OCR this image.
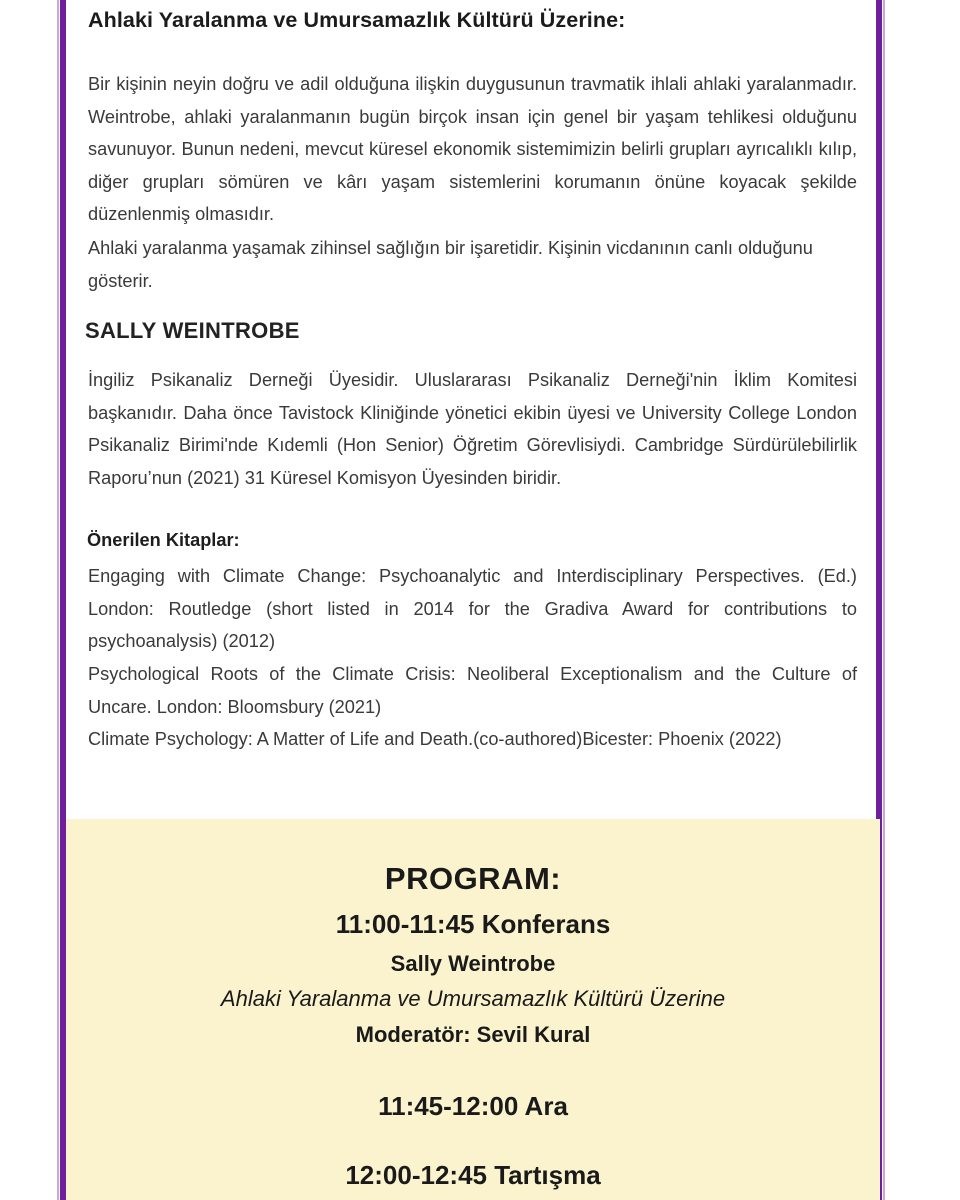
Ahlaki Yaralanma ve Umursamazlık Kültürü Üzerine:

Bir kişinin neyin doğru ve adil olduğuna ilişkin duygusunun travmatik ihlali ahlaki yaralanmadır. Weintrobe, ahlaki yaralanmanın bugün birçok insan için genel bir yaşam tehlikesi olduğunu savunuyor. Bunun nedeni, mevcut küresel ekonomik sistemimizin belirli grupları ayrıcalıklı kılıp, diğer grupları sömüren ve kârı yaşam sistemlerini korumanın önüne koyacak şekilde düzenlenmiş olmasıdır.

Ahlaki yaralanma yaşamak zihinsel sağlığın bir işaretidir. Kişinin vicdanının canlı olduğunu gösterir.

SALLY WEINTROBE

İngiliz Psikanaliz Derneği Üyesidir. Uluslararası Psikanaliz Derneği'nin İklim Komitesi başkanıdır. Daha önce Tavistock Kliniğinde yönetici ekibin üyesi ve University College London Psikanaliz Birimi'nde Kıdemli (Hon Senior) Öğretim Görevlisiydi. Cambridge Sürdürülebilirlik Raporu’nun (2021) 31 Küresel Komisyon Üyesinden biridir.

Önerilen Kitaplar:

Engaging with Climate Change: Psychoanalytic and Interdisciplinary Perspectives. (Ed.) London: Routledge (short listed in 2014 for the Gradiva Award for contributions to psychoanalysis) (2012)

Psychological Roots of the Climate Crisis: Neoliberal Exceptionalism and the Culture of Uncare. London: Bloomsbury (2021)

Climate Psychology: A Matter of Life and Death.(co-authored)Bicester: Phoenix (2022)

PROGRAM:
11:00-11:45 Konferans
Sally Weintrobe
Ahlaki Yaralanma ve Umursamazlık Kültürü Üzerine
Moderatör: Sevil Kural
11:45-12:00 Ara
12:00-12:45 Tartışma
